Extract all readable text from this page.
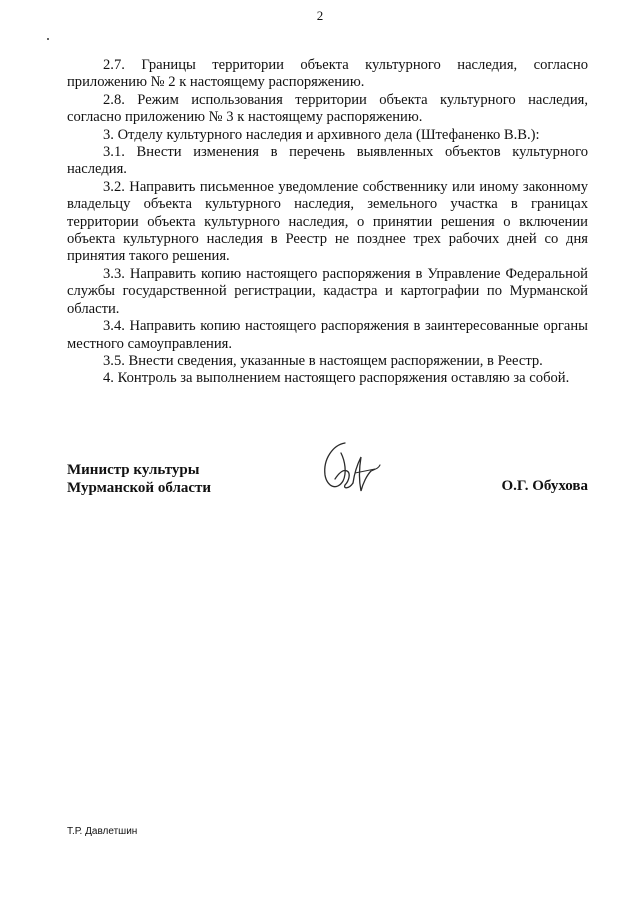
2

2.7. Границы территории объекта культурного наследия, согласно приложению № 2 к настоящему распоряжению.

2.8. Режим использования территории объекта культурного наследия, согласно приложению № 3 к настоящему распоряжению.

3. Отделу культурного наследия и архивного дела (Штефаненко В.В.):

3.1. Внести изменения в перечень выявленных объектов культурного наследия.

3.2. Направить письменное уведомление собственнику или иному законному владельцу объекта культурного наследия, земельного участка в границах территории объекта культурного наследия, о принятии решения о включении объекта культурного наследия в Реестр не позднее трех рабочих дней со дня принятия такого решения.

3.3. Направить копию настоящего распоряжения в Управление Федеральной службы государственной регистрации, кадастра и картографии по Мурманской области.

3.4. Направить копию настоящего распоряжения в заинтересованные органы местного самоуправления.

3.5. Внести сведения, указанные в настоящем распоряжении, в Реестр.

4. Контроль за выполнением настоящего распоряжения оставляю за собой.

Министр культуры
Мурманской области	О.Г. Обухова
Т.Р. Давлетшин
